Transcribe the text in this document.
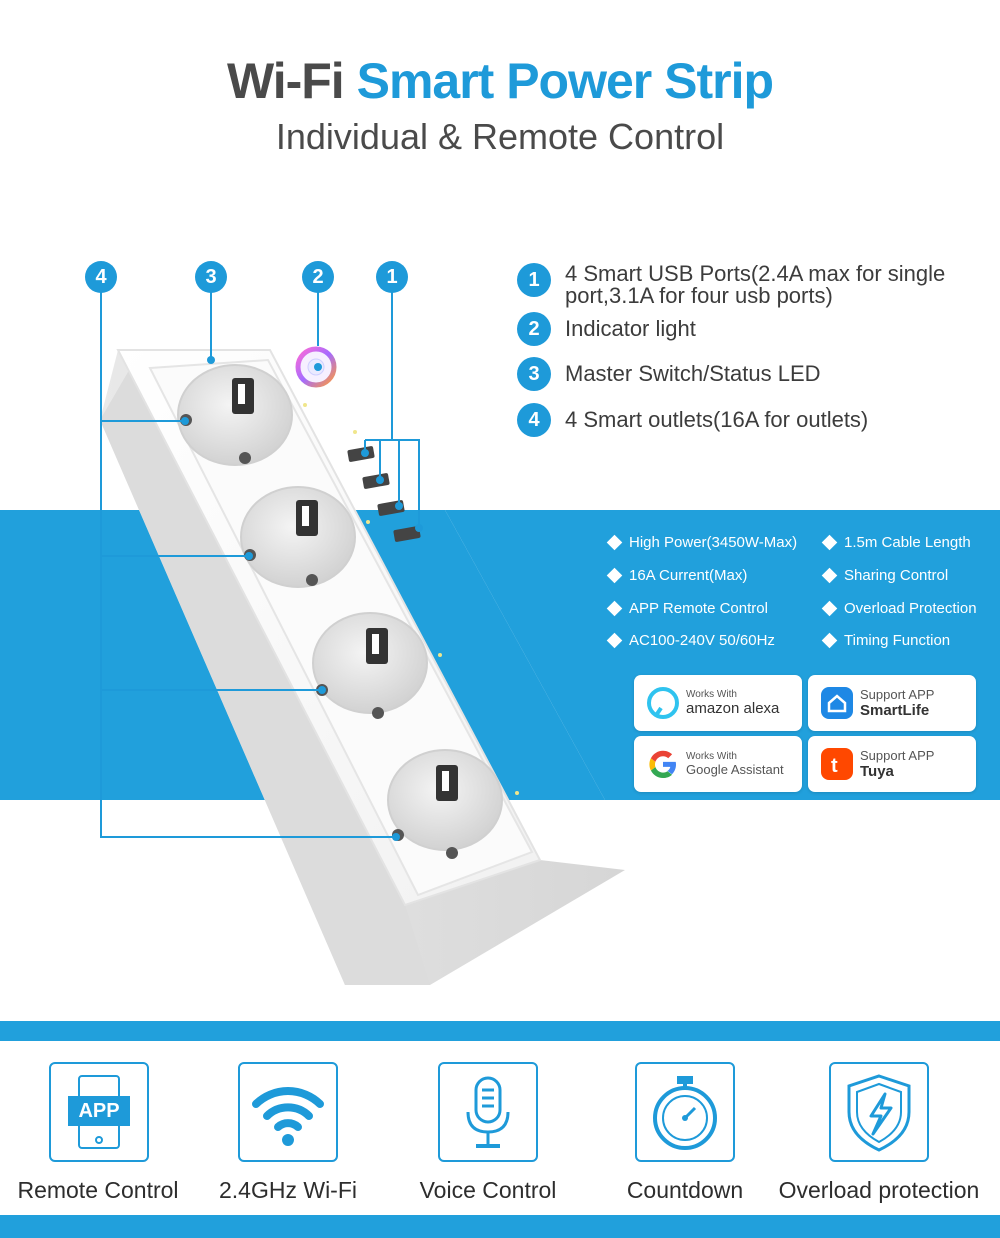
Wi-Fi Smart Power Strip
Individual & Remote Control
4	3	2	1	1	4 Smart USB Ports(2.4A max for single port,3.1A for four usb ports)
2	Indicator light
3	Master Switch/Status LED
4	4 Smart outlets(16A for outlets)
High Power(3450W-Max)
16A Current(Max)
APP Remote Control
AC100-240V 50/60Hz
1.5m Cable Length
Sharing Control
Overload Protection
Timing Function
Works With
amazon alexa
Support APP
SmartLife
Works With
Google Assistant t Support APP
Tuya
APP
Remote Control	2.4GHz Wi-Fi	Voice Control	Countdown	Overload protection
